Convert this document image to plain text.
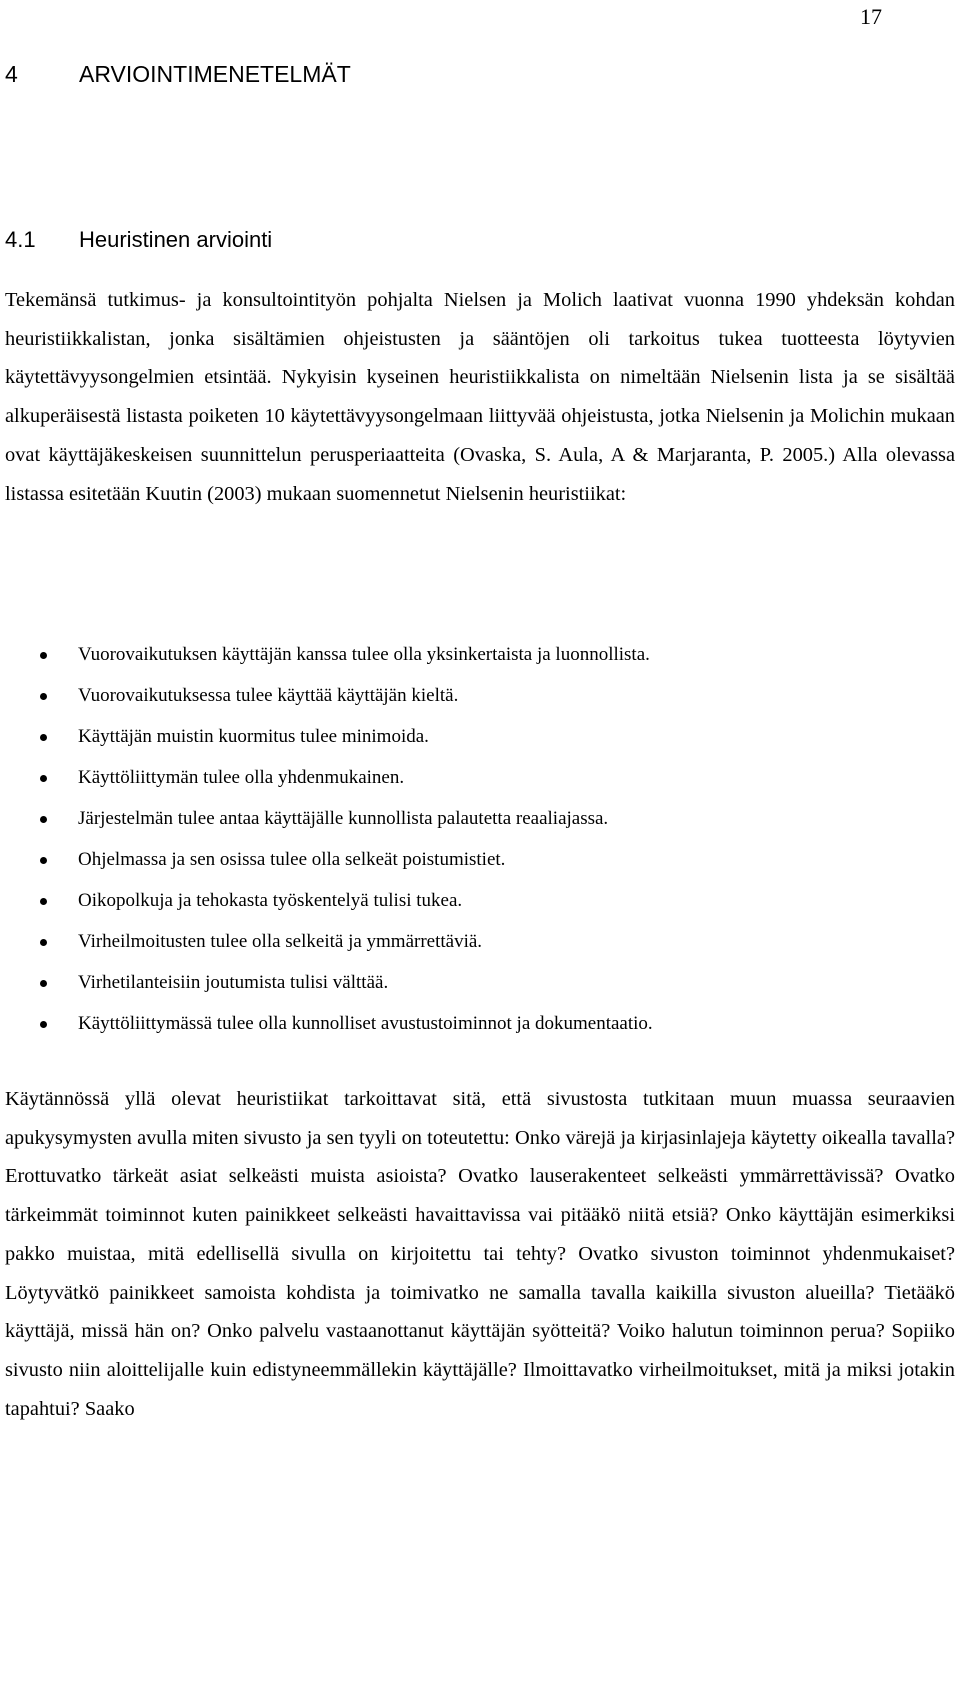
17
4	ARVIOINTIMENETELMÄT
4.1 Heuristinen arviointi

Tekemänsä tutkimus- ja konsultointityön pohjalta Nielsen ja Molich laativat vuonna 1990 yhdeksän kohdan heuristiikkalistan, jonka sisältämien ohjeistusten ja sääntöjen oli tarkoitus tukea tuotteesta löytyvien käytettävyysongelmien etsintää. Nykyisin kyseinen heuristiikkalista on nimeltään Nielsenin lista ja se sisältää alkuperäisestä listasta poiketen 10 käytettävyysongelmaan liittyvää ohjeistusta, jotka Nielsenin ja Molichin mukaan ovat käyttäjäkeskeisen suunnittelun perusperiaatteita (Ovaska, S. Aula, A & Marjaranta, P. 2005.) Alla olevassa listassa esitetään Kuutin (2003) mukaan suomennetut Nielsenin heuristiikat:

Vuorovaikutuksen käyttäjän kanssa tulee olla yksinkertaista ja luonnollista.
Vuorovaikutuksessa tulee käyttää käyttäjän kieltä.
Käyttäjän muistin kuormitus tulee minimoida.
Käyttöliittymän tulee olla yhdenmukainen.
Järjestelmän tulee antaa käyttäjälle kunnollista palautetta reaaliajassa.
Ohjelmassa ja sen osissa tulee olla selkeät poistumistiet.
Oikopolkuja ja tehokasta työskentelyä tulisi tukea.
Virheilmoitusten tulee olla selkeitä ja ymmärrettäviä.
Virhetilanteisiin joutumista tulisi välttää.
Käyttöliittymässä tulee olla kunnolliset avustustoiminnot ja dokumentaatio.

Käytännössä yllä olevat heuristiikat tarkoittavat sitä, että sivustosta tutkitaan muun muassa seuraavien apukysymysten avulla miten sivusto ja sen tyyli on toteutettu: Onko värejä ja kirjasinlajeja käytetty oikealla tavalla? Erottuvatko tärkeät asiat selkeästi muista asioista? Ovatko lauserakenteet selkeästi ymmärrettävissä? Ovatko tärkeimmät toiminnot kuten painikkeet selkeästi havaittavissa vai pitääkö niitä etsiä? Onko käyttäjän esimerkiksi pakko muistaa, mitä edellisellä sivulla on kirjoitettu tai tehty? Ovatko sivuston toiminnot yhdenmukaiset? Löytyvätkö painikkeet samoista kohdista ja toimivatko ne samalla tavalla kaikilla sivuston alueilla? Tietääkö käyttäjä, missä hän on? Onko palvelu vastaanottanut käyttäjän syötteitä? Voiko halutun toiminnon perua? Sopiiko sivusto niin aloittelijalle kuin edistyneemmällekin käyttäjälle? Ilmoittavatko virheilmoitukset, mitä ja miksi jotakin tapahtui? Saako
